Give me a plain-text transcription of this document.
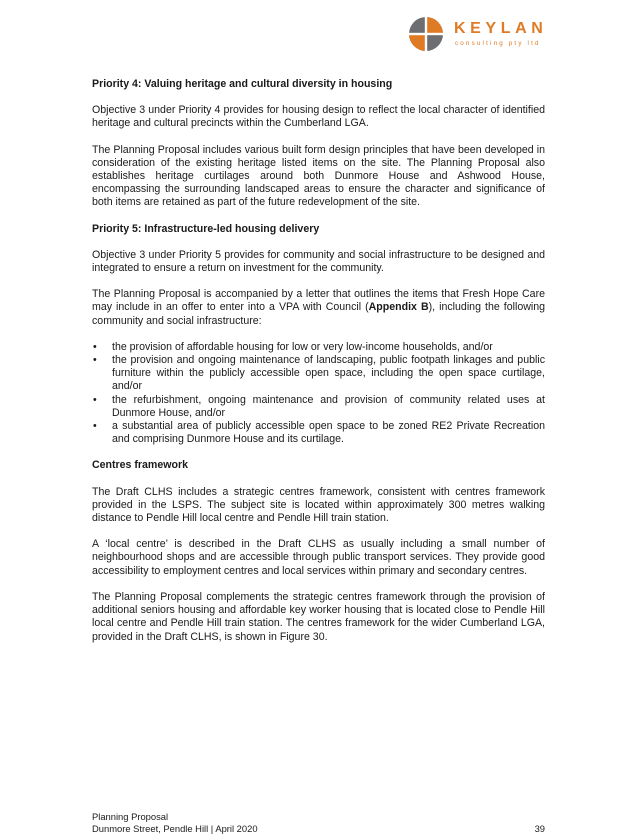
KEYLAN
consulting pty ltd
Priority 4: Valuing heritage and cultural diversity in housing

Objective 3 under Priority 4 provides for housing design to reflect the local character of identified heritage and cultural precincts within the Cumberland LGA.

The Planning Proposal includes various built form design principles that have been developed in consideration of the existing heritage listed items on the site. The Planning Proposal also establishes heritage curtilages around both Dunmore House and Ashwood House, encompassing the surrounding landscaped areas to ensure the character and significance of both items are retained as part of the future redevelopment of the site.

Priority 5: Infrastructure-led housing delivery

Objective 3 under Priority 5 provides for community and social infrastructure to be designed and integrated to ensure a return on investment for the community.

The Planning Proposal is accompanied by a letter that outlines the items that Fresh Hope Care may include in an offer to enter into a VPA with Council (Appendix B), including the following community and social infrastructure:

• the provision of affordable housing for low or very low-income households, and/or
• the provision and ongoing maintenance of landscaping, public footpath linkages and public furniture within the publicly accessible open space, including the open space curtilage, and/or
• the refurbishment, ongoing maintenance and provision of community related uses at Dunmore House, and/or
• a substantial area of publicly accessible open space to be zoned RE2 Private Recreation and comprising Dunmore House and its curtilage.
Centres framework

The Draft CLHS includes a strategic centres framework, consistent with centres framework provided in the LSPS. The subject site is located within approximately 300 metres walking distance to Pendle Hill local centre and Pendle Hill train station.

A ‘local centre’ is described in the Draft CLHS as usually including a small number of neighbourhood shops and are accessible through public transport services. They provide good accessibility to employment centres and local services within primary and secondary centres.

The Planning Proposal complements the strategic centres framework through the provision of additional seniors housing and affordable key worker housing that is located close to Pendle Hill local centre and Pendle Hill train station. The centres framework for the wider Cumberland LGA, provided in the Draft CLHS, is shown in Figure 30.

Planning Proposal
Dunmore Street, Pendle Hill | April 2020	39
